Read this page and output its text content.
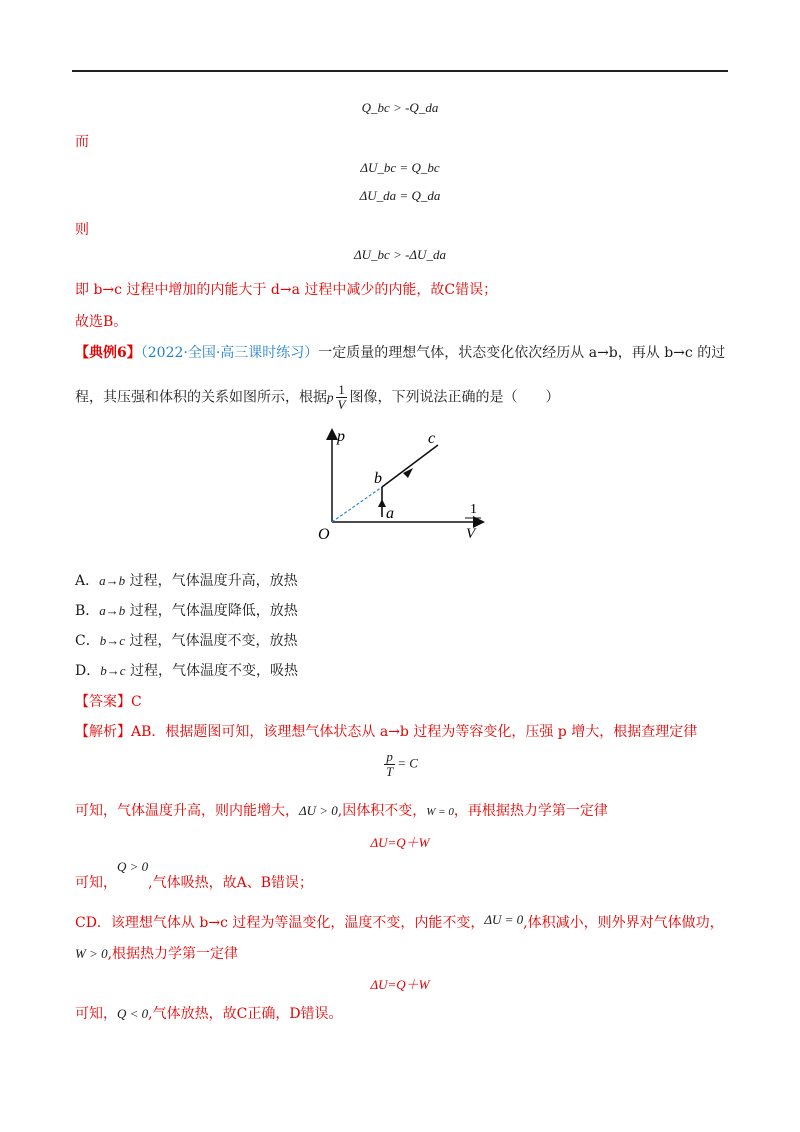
Q_bc > -Q_da
而
ΔU_bc = Q_bc
ΔU_da = Q_da
则
ΔU_bc > -ΔU_da
即 b→c 过程中增加的内能大于 d→a 过程中减少的内能，故C错误；
故选B。
【典例6】（2022·全国·高三课时练习）一定质量的理想气体，状态变化依次经历从 a→b，再从 b→c 的过
程，其压强和体积的关系如图所示，根据p $\frac{1}{V}$ 图像，下列说法正确的是（　　）
p
1
V
O
a
b
c
A．a→b 过程，气体温度升高，放热
B．a→b 过程，气体温度降低，放热
C．b→c 过程，气体温度不变，放热
D．b→c 过程，气体温度不变，吸热
【答案】C
【解析】AB．根据题图可知，该理想气体状态从 a→b 过程为等容变化，压强 p 增大，根据查理定律
$\frac{p}{T} = C$
可知，气体温度升高，则内能增大，ΔU > 0,因体积不变，W = 0，再根据热力学第一定律
ΔU=Q＋W
可知，Q > 0,气体吸热，故A、B错误；
CD．该理想气体从 b→c 过程为等温变化，温度不变，内能不变，ΔU = 0,体积减小，则外界对气体做功，
W > 0,根据热力学第一定律
ΔU=Q＋W
可知，Q < 0,气体放热，故C正确，D错误。
